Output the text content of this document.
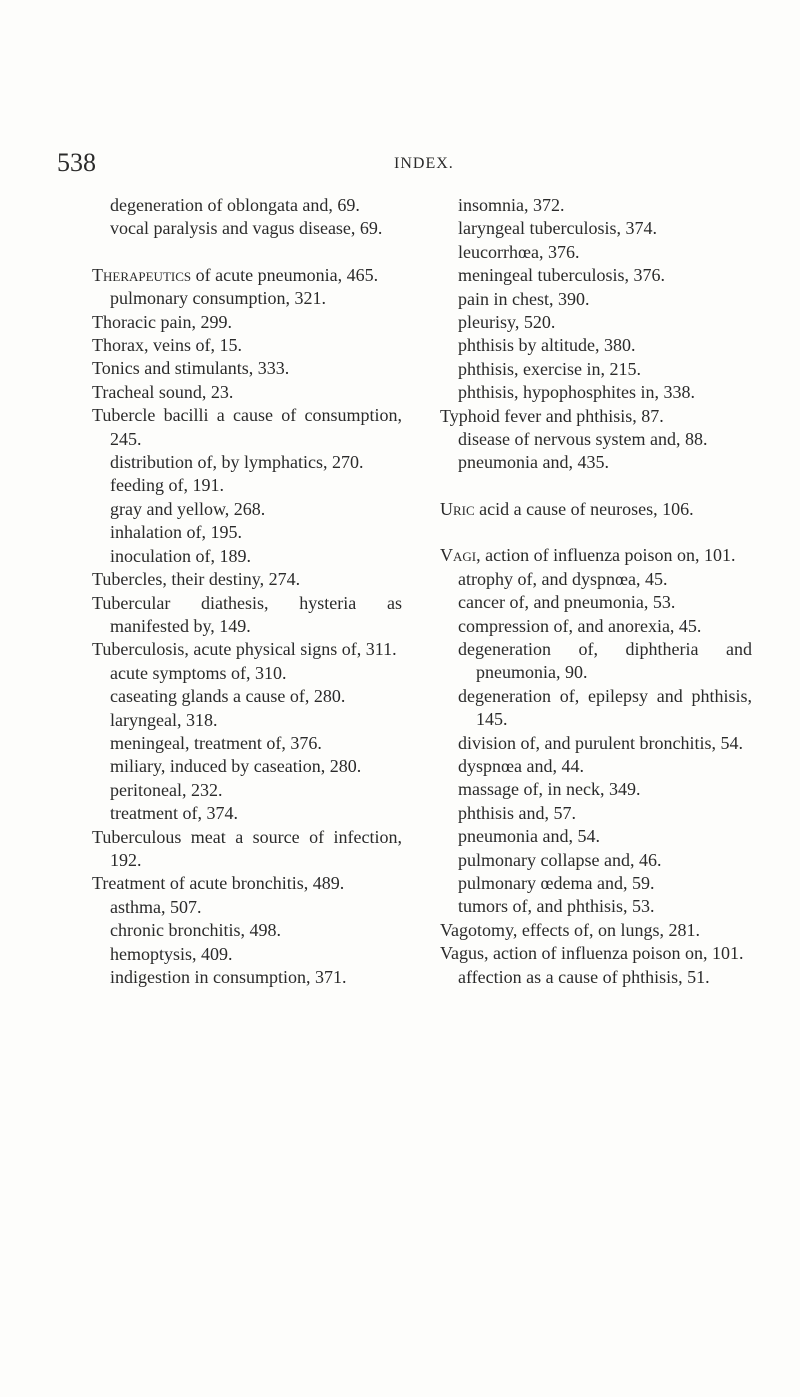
538	INDEX.
degeneration of oblongata and, 69.
vocal paralysis and vagus disease, 69.
Therapeutics of acute pneumonia, 465.
pulmonary consumption, 321.
Thoracic pain, 299.
Thorax, veins of, 15.
Tonics and stimulants, 333.
Tracheal sound, 23.
Tubercle bacilli a cause of consumption, 245.
distribution of, by lymphatics, 270.
feeding of, 191.
gray and yellow, 268.
inhalation of, 195.
inoculation of, 189.
Tubercles, their destiny, 274.
Tubercular diathesis, hysteria as manifested by, 149.
Tuberculosis, acute physical signs of, 311.
acute symptoms of, 310.
caseating glands a cause of, 280.
laryngeal, 318.
meningeal, treatment of, 376.
miliary, induced by caseation, 280.
peritoneal, 232.
treatment of, 374.
Tuberculous meat a source of infection, 192.
Treatment of acute bronchitis, 489.
asthma, 507.
chronic bronchitis, 498.
hemoptysis, 409.
indigestion in consumption, 371.
insomnia, 372.
laryngeal tuberculosis, 374.
leucorrhœa, 376.
meningeal tuberculosis, 376.
pain in chest, 390.
pleurisy, 520.
phthisis by altitude, 380.
phthisis, exercise in, 215.
phthisis, hypophosphites in, 338.
Typhoid fever and phthisis, 87.
disease of nervous system and, 88.
pneumonia and, 435.
Uric acid a cause of neuroses, 106.
Vagi, action of influenza poison on, 101.
atrophy of, and dyspnœa, 45.
cancer of, and pneumonia, 53.
compression of, and anorexia, 45.
degeneration of, diphtheria and pneumonia, 90.
degeneration of, epilepsy and phthisis, 145.
division of, and purulent bronchitis, 54.
dyspnœa and, 44.
massage of, in neck, 349.
phthisis and, 57.
pneumonia and, 54.
pulmonary collapse and, 46.
pulmonary œdema and, 59.
tumors of, and phthisis, 53.
Vagotomy, effects of, on lungs, 281.
Vagus, action of influenza poison on, 101.
affection as a cause of phthisis, 51.
